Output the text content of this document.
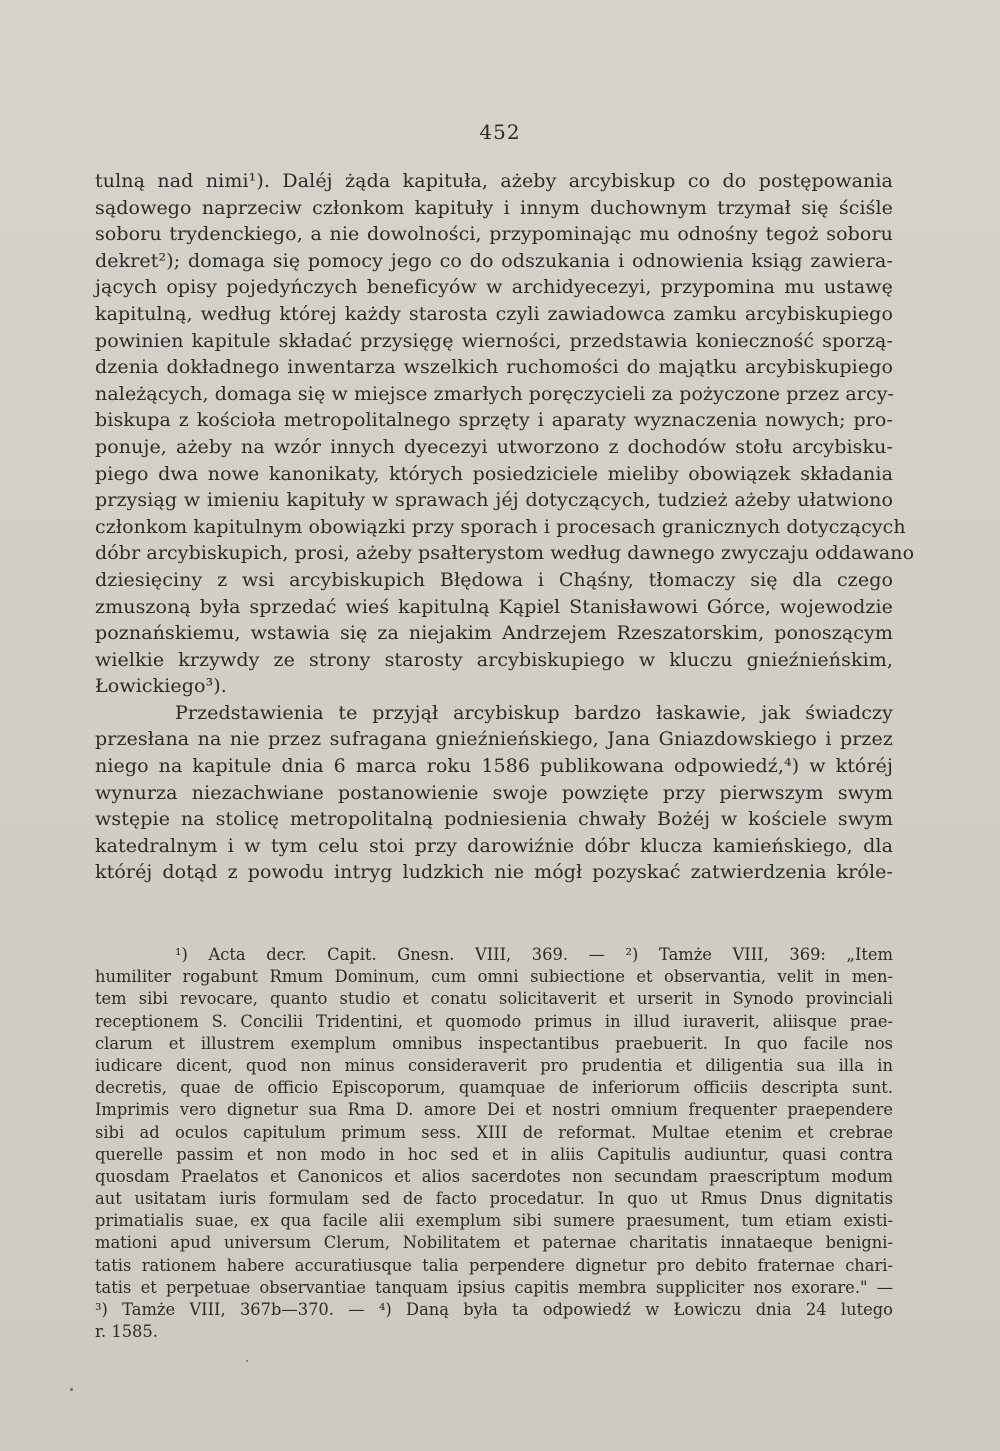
452
tulną nad nimi¹). Daléj żąda kapituła, ażeby arcybiskup co do postępowania
sądowego naprzeciw członkom kapituły i innym duchownym trzymał się ściśle
soboru trydenckiego, a nie dowolności, przypominając mu odnośny tegoż soboru
dekret²); domaga się pomocy jego co do odszukania i odnowienia ksiąg zawiera-
jących opisy pojedyńczych beneficyów w archidyecezyi, przypomina mu ustawę
kapitulną, według której każdy starosta czyli zawiadowca zamku arcybiskupiego
powinien kapitule składać przysięgę wierności, przedstawia konieczność sporzą-
dzenia dokładnego inwentarza wszelkich ruchomości do majątku arcybiskupiego
należących, domaga się w miejsce zmarłych poręczycieli za pożyczone przez arcy-
biskupa z kościoła metropolitalnego sprzęty i aparaty wyznaczenia nowych; pro-
ponuje, ażeby na wzór innych dyecezyi utworzono z dochodów stołu arcybisku-
piego dwa nowe kanonikaty, których posiedziciele mieliby obowiązek składania
przysiąg w imieniu kapituły w sprawach jéj dotyczących, tudzież ażeby ułatwiono
członkom kapitulnym obowiązki przy sporach i procesach granicznych dotyczących
dóbr arcybiskupich, prosi, ażeby psałterystom według dawnego zwyczaju oddawano
dziesięciny z wsi arcybiskupich Błędowa i Chąśny, tłomaczy się dla czego
zmuszoną była sprzedać wieś kapitulną Kąpiel Stanisławowi Górce, wojewodzie
poznańskiemu, wstawia się za niejakim Andrzejem Rzeszatorskim, ponoszącym
wielkie krzywdy ze strony starosty arcybiskupiego w kluczu gnieźnieńskim,
Łowickiego³).
Przedstawienia te przyjął arcybiskup bardzo łaskawie, jak świadczy
przesłana na nie przez sufragana gnieźnieńskiego, Jana Gniazdowskiego i przez
niego na kapitule dnia 6 marca roku 1586 publikowana odpowiedź,⁴) w któréj
wynurza niezachwiane postanowienie swoje powzięte przy pierwszym swym
wstępie na stolicę metropolitalną podniesienia chwały Bożéj w kościele swym
katedralnym i w tym celu stoi przy darowiźnie dóbr klucza kamieńskiego, dla
któréj dotąd z powodu intryg ludzkich nie mógł pozyskać zatwierdzenia króle-
¹) Acta decr. Capit. Gnesn. VIII, 369. — ²) Tamże VIII, 369: „Item
humiliter rogabunt Rmum Dominum, cum omni subiectione et observantia, velit in men-
tem sibi revocare, quanto studio et conatu solicitaverit et urserit in Synodo provinciali
receptionem S. Concilii Tridentini, et quomodo primus in illud iuraverit, aliisque prae-
clarum et illustrem exemplum omnibus inspectantibus praebuerit. In quo facile nos
iudicare dicent, quod non minus consideraverit pro prudentia et diligentia sua illa in
decretis, quae de officio Episcoporum, quamquae de inferiorum officiis descripta sunt.
Imprimis vero dignetur sua Rma D. amore Dei et nostri omnium frequenter praependere
sibi ad oculos capitulum primum sess. XIII de reformat. Multae etenim et crebrae
querelle passim et non modo in hoc sed et in aliis Capitulis audiuntur, quasi contra
quosdam Praelatos et Canonicos et alios sacerdotes non secundam praescriptum modum
aut usitatam iuris formulam sed de facto procedatur. In quo ut Rmus Dnus dignitatis
primatialis suae, ex qua facile alii exemplum sibi sumere praesument, tum etiam existi-
mationi apud universum Clerum, Nobilitatem et paternae charitatis innataeque benigni-
tatis rationem habere accuratiusque talia perpendere dignetur pro debito fraternae chari-
tatis et perpetuae observantiae tanquam ipsius capitis membra suppliciter nos exorare." —
³) Tamże VIII, 367b—370. — ⁴) Daną była ta odpowiedź w Łowiczu dnia 24 lutego
r. 1585.
